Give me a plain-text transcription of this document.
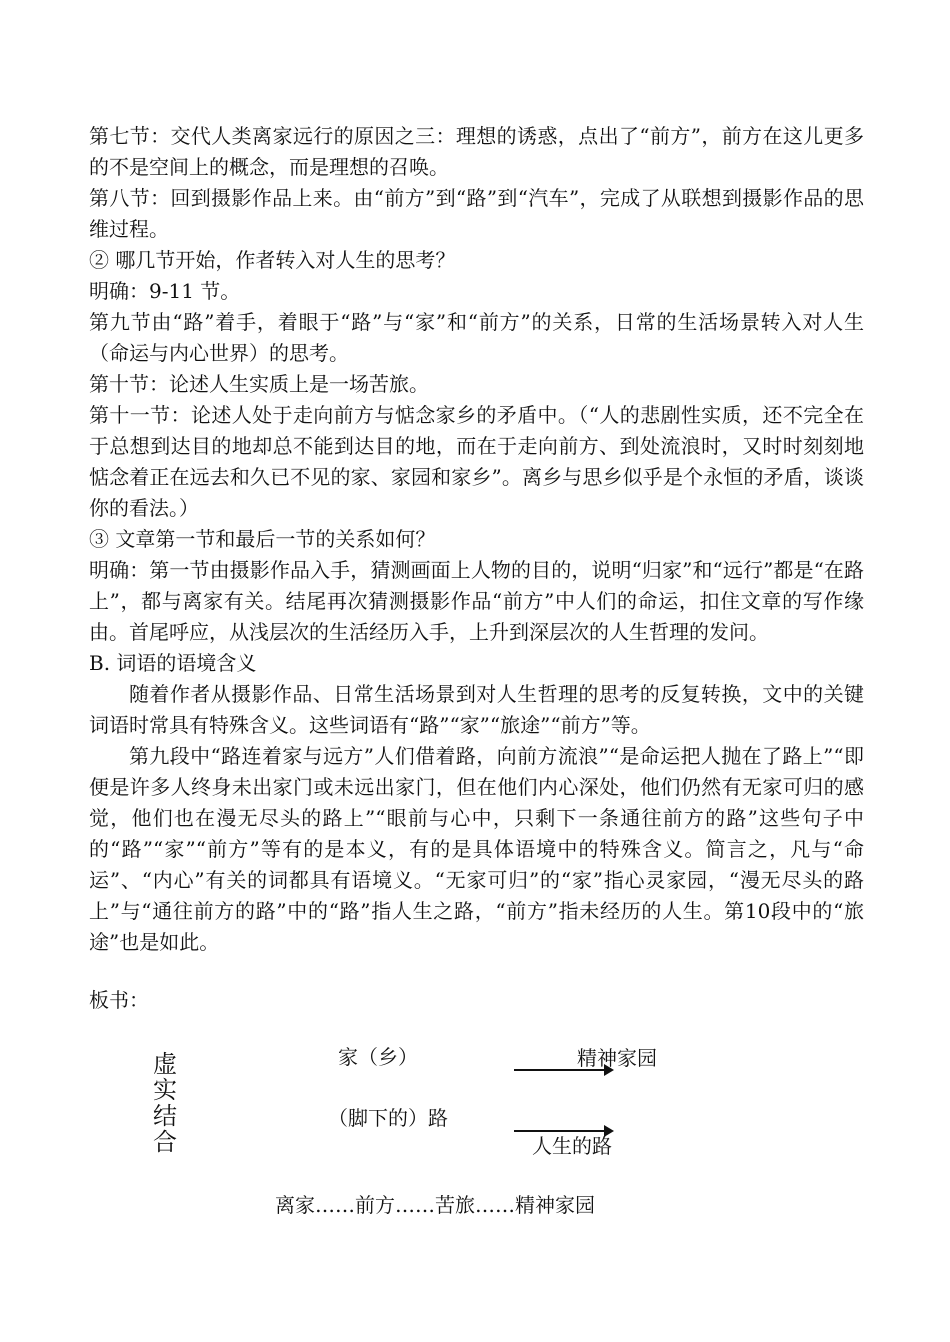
第七节：交代人类离家远行的原因之三：理想的诱惑，点出了“前方”，前方在这儿更多的不是空间上的概念，而是理想的召唤。

第八节：回到摄影作品上来。由“前方”到“路”到“汽车”，完成了从联想到摄影作品的思维过程。

② 哪几节开始，作者转入对人生的思考？

明确：9-11 节。

第九节由“路”着手，着眼于“路”与“家”和“前方”的关系，日常的生活场景转入对人生（命运与内心世界）的思考。

第十节：论述人生实质上是一场苦旅。

第十一节：论述人处于走向前方与惦念家乡的矛盾中。（“人的悲剧性实质，还不完全在于总想到达目的地却总不能到达目的地，而在于走向前方、到处流浪时，又时时刻刻地惦念着正在远去和久已不见的家、家园和家乡”。离乡与思乡似乎是个永恒的矛盾，谈谈你的看法。）

③ 文章第一节和最后一节的关系如何？

明确：第一节由摄影作品入手，猜测画面上人物的目的，说明“归家”和“远行”都是“在路上”，都与离家有关。结尾再次猜测摄影作品“前方”中人们的命运，扣住文章的写作缘由。首尾呼应，从浅层次的生活经历入手，上升到深层次的人生哲理的发问。

B. 词语的语境含义

随着作者从摄影作品、日常生活场景到对人生哲理的思考的反复转换，文中的关键词语时常具有特殊含义。这些词语有“路”“家”“旅途”“前方”等。

第九段中“路连着家与远方”人们借着路，向前方流浪”“是命运把人抛在了路上”“即便是许多人终身未出家门或未远出家门，但在他们内心深处，他们仍然有无家可归的感觉，他们也在漫无尽头的路上”“眼前与心中，只剩下一条通往前方的路”这些句子中的“路”“家”“前方”等有的是本义，有的是具体语境中的特殊含义。简言之，凡与“命运”、“内心”有关的词都具有语境义。“无家可归”的“家”指心灵家园，“漫无尽头的路上”与“通往前方的路”中的“路”指人生之路，“前方”指未经历的人生。第10段中的“旅途”也是如此。

板书：
虚
实
结
合
家（乡）	精神家园
（脚下的）路
人生的路
离家……前方……苦旅……精神家园
